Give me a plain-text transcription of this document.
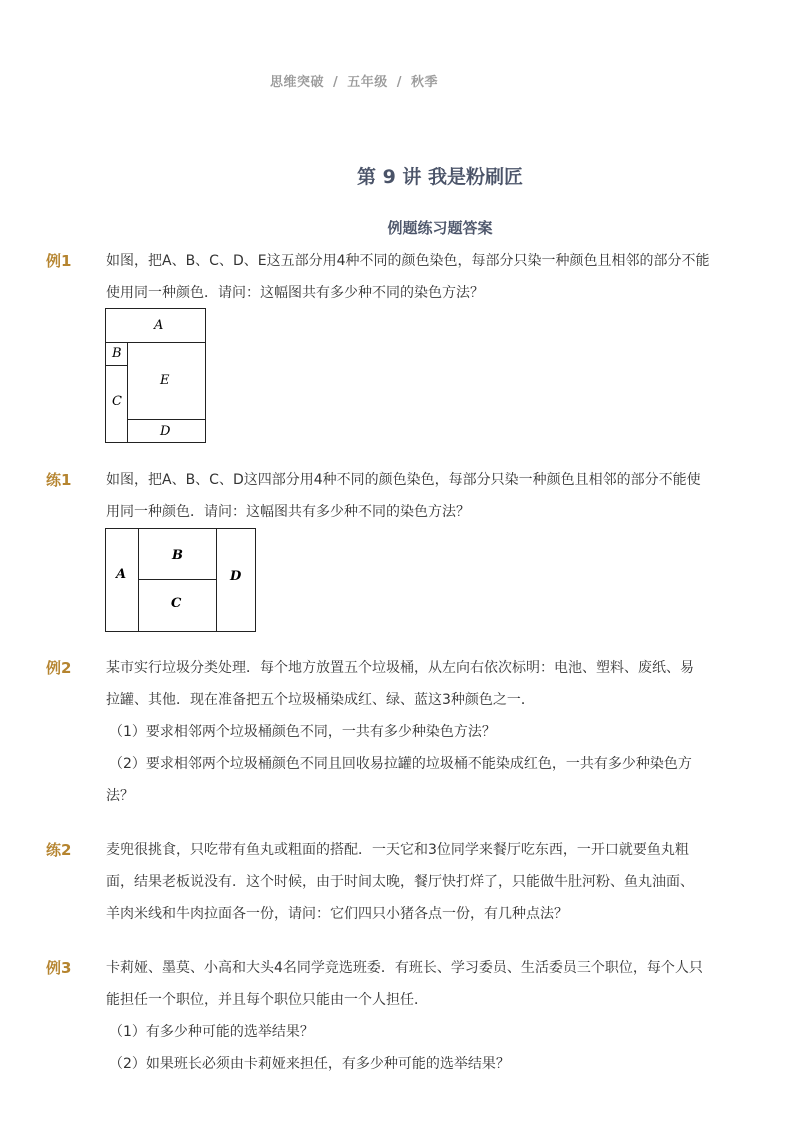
思维突破 / 五年级 / 秋季
第 9 讲 我是粉刷匠
例题练习题答案
例1 如图，把A、B、C、D、E这五部分用4种不同的颜色染色，每部分只染一种颜色且相邻的部分不能
使用同一种颜色．请问：这幅图共有多少种不同的染色方法？
A
B
C
E
D
练1 如图，把A、B、C、D这四部分用4种不同的颜色染色，每部分只染一种颜色且相邻的部分不能使
用同一种颜色．请问：这幅图共有多少种不同的染色方法？
A
B
C
D
例2 某市实行垃圾分类处理．每个地方放置五个垃圾桶，从左向右依次标明：电池、塑料、废纸、易
拉罐、其他．现在准备把五个垃圾桶染成红、绿、蓝这3种颜色之一．
（1）要求相邻两个垃圾桶颜色不同，一共有多少种染色方法？
（2）要求相邻两个垃圾桶颜色不同且回收易拉罐的垃圾桶不能染成红色，一共有多少种染色方
法？
练2 麦兜很挑食，只吃带有鱼丸或粗面的搭配．一天它和3位同学来餐厅吃东西，一开口就要鱼丸粗
面，结果老板说没有．这个时候，由于时间太晚，餐厅快打烊了，只能做牛肚河粉、鱼丸油面、
羊肉米线和牛肉拉面各一份，请问：它们四只小猪各点一份，有几种点法？
例3 卡莉娅、墨莫、小高和大头4名同学竞选班委．有班长、学习委员、生活委员三个职位，每个人只
能担任一个职位，并且每个职位只能由一个人担任．
（1）有多少种可能的选举结果？
（2）如果班长必须由卡莉娅来担任，有多少种可能的选举结果？
